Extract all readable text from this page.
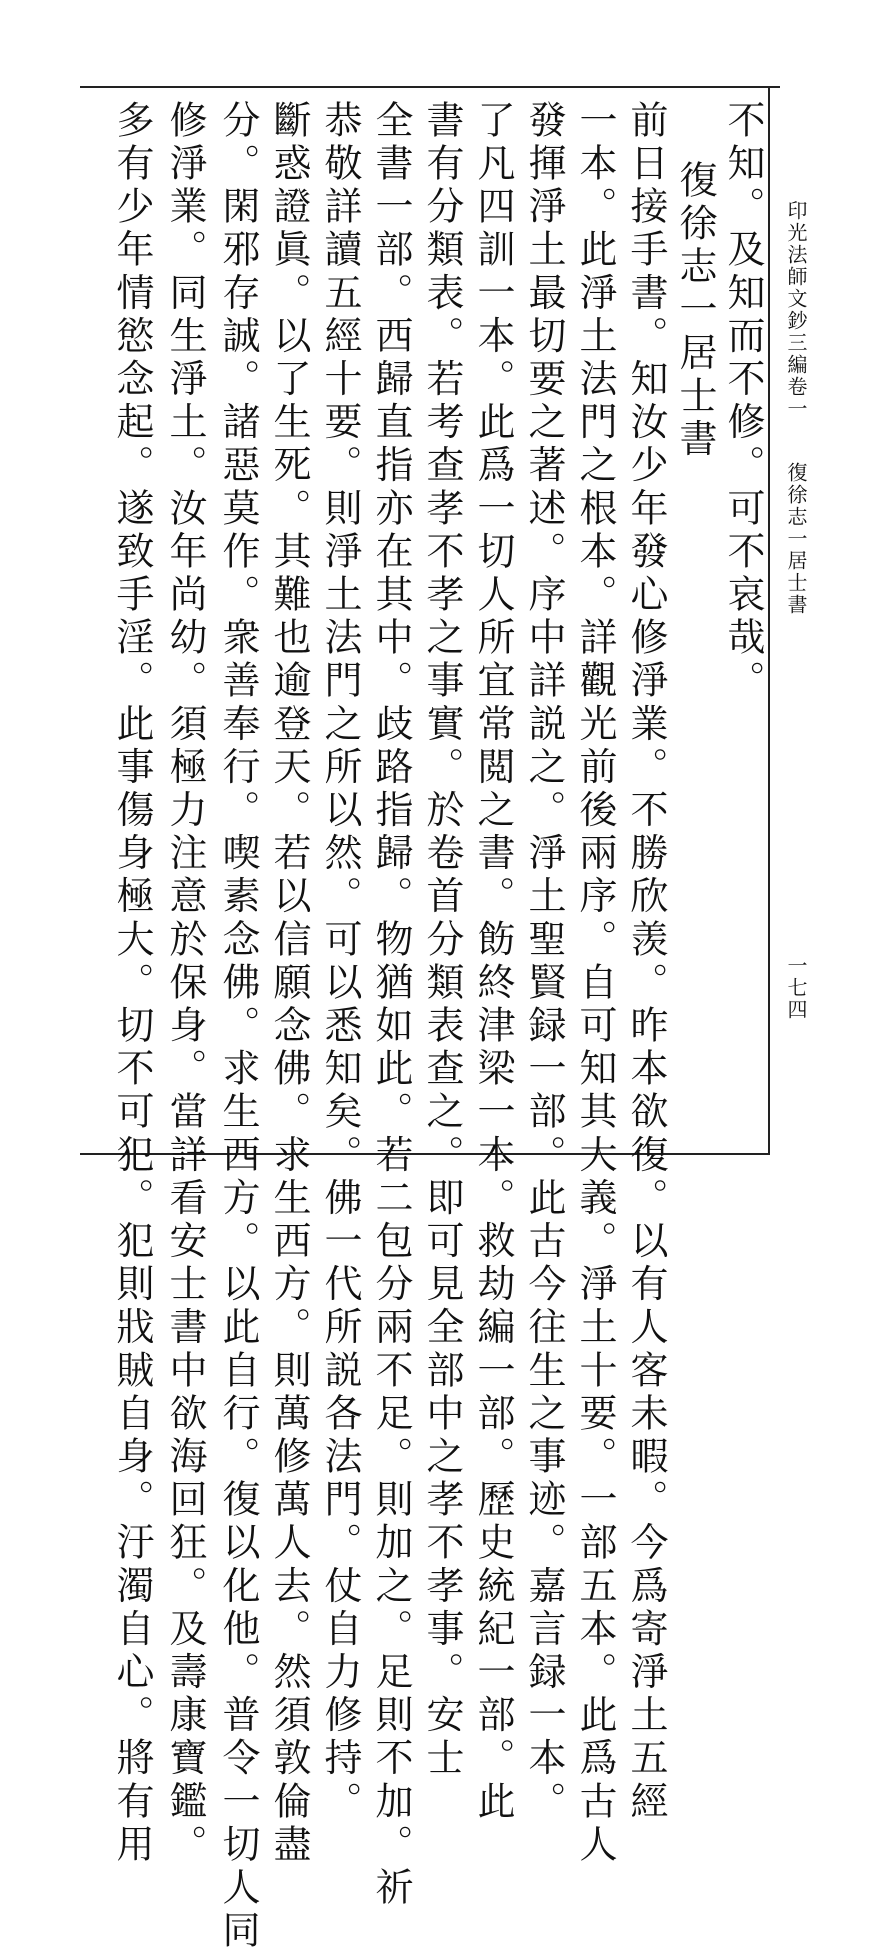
印光法師文鈔三編卷一
復徐志一居士書
一七四
不知。及知而不修。可不哀哉。
復徐志一居士書
前日接手書。知汝少年發心修淨業。不勝欣羡。昨本欲復。以有人客未暇。今爲寄淨土五經
一本。此淨土法門之根本。詳觀光前後兩序。自可知其大義。淨土十要。一部五本。此爲古人
發揮淨土最切要之著述。序中詳説之。淨土聖賢録一部。此古今往生之事迹。嘉言録一本。
了凡四訓一本。此爲一切人所宜常閲之書。飭終津梁一本。救劫編一部。歷史統紀一部。此
書有分類表。若考查孝不孝之事實。於卷首分類表查之。即可見全部中之孝不孝事。安士
全書一部。西歸直指亦在其中。歧路指歸。物猶如此。若二包分兩不足。則加之。足則不加。祈
恭敬詳讀五經十要。則淨土法門之所以然。可以悉知矣。佛一代所説各法門。仗自力修持。
斷惑證眞。以了生死。其難也逾登天。若以信願念佛。求生西方。則萬修萬人去。然須敦倫盡
分。閑邪存誠。諸惡莫作。衆善奉行。喫素念佛。求生西方。以此自行。復以化他。普令一切人同
修淨業。同生淨土。汝年尚幼。須極力注意於保身。當詳看安士書中欲海回狂。及壽康寶鑑。
多有少年情慾念起。遂致手淫。此事傷身極大。切不可犯。犯則戕賊自身。汙濁自心。將有用
